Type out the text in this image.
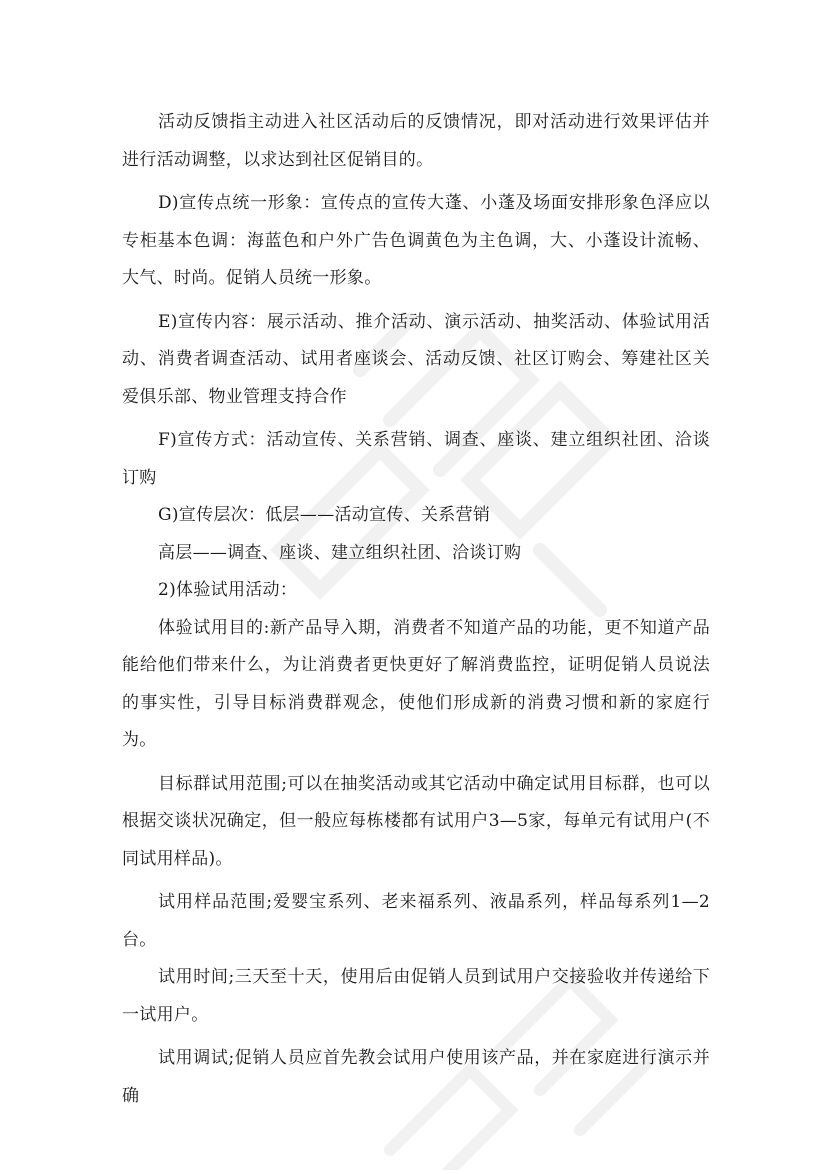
活动反馈指主动进入社区活动后的反馈情况，即对活动进行效果评估并进行活动调整，以求达到社区促销目的。

D)宣传点统一形象：宣传点的宣传大蓬、小蓬及场面安排形象色泽应以专柜基本色调：海蓝色和户外广告色调黄色为主色调，大、小蓬设计流畅、大气、时尚。促销人员统一形象。

E)宣传内容：展示活动、推介活动、演示活动、抽奖活动、体验试用活动、消费者调查活动、试用者座谈会、活动反馈、社区订购会、筹建社区关爱俱乐部、物业管理支持合作

F)宣传方式：活动宣传、关系营销、调查、座谈、建立组织社团、洽谈订购

G)宣传层次：低层——活动宣传、关系营销

高层——调查、座谈、建立组织社团、洽谈订购

2)体验试用活动：

体验试用目的:新产品导入期，消费者不知道产品的功能，更不知道产品能给他们带来什么，为让消费者更快更好了解消费监控，证明促销人员说法的事实性，引导目标消费群观念，使他们形成新的消费习惯和新的家庭行为。

目标群试用范围;可以在抽奖活动或其它活动中确定试用目标群，也可以根据交谈状况确定，但一般应每栋楼都有试用户3—5家，每单元有试用户(不同试用样品)。

试用样品范围;爱婴宝系列、老来福系列、液晶系列，样品每系列1—2台。

试用时间;三天至十天，使用后由促销人员到试用户交接验收并传递给下一试用户。

试用调试;促销人员应首先教会试用户使用该产品，并在家庭进行演示并确
